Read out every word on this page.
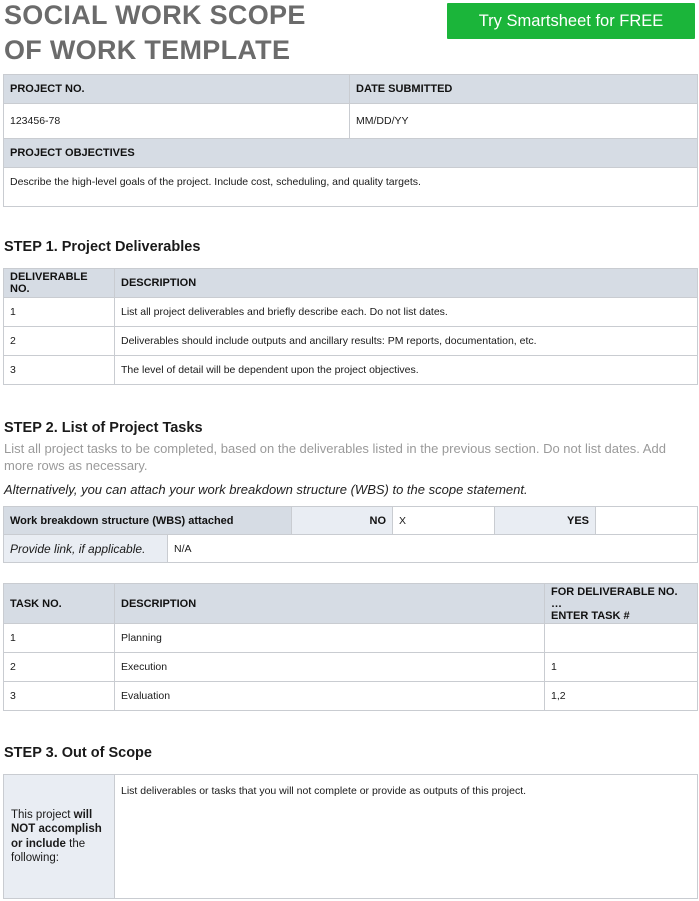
SOCIAL WORK SCOPE
OF WORK TEMPLATE
Try Smartsheet for FREE
PROJECT NO.	DATE SUBMITTED
123456-78	MM/DD/YY
PROJECT OBJECTIVES	
Describe the high-level goals of the project. Include cost, scheduling, and quality targets.	
STEP 1. Project Deliverables
DELIVERABLE NO.	DESCRIPTION
1	List all project deliverables and briefly describe each. Do not list dates.
2	Deliverables should include outputs and ancillary results: PM reports, documentation, etc.
3	The level of detail will be dependent upon the project objectives.
STEP 2. List of Project Tasks
List all project tasks to be completed, based on the deliverables listed in the previous section. Do not list dates. Add more rows as necessary.
Alternatively, you can attach your work breakdown structure (WBS) to the scope statement.
Work breakdown structure (WBS) attached		NO	X	YES	
Provide link, if applicable.	N/A				
TASK NO.	DESCRIPTION	FOR DELIVERABLE NO. …
ENTER TASK #

1	Planning	
2	Execution	1
3	Evaluation	1,2
STEP 3. Out of Scope
This project will NOT accomplish or include the following:	List deliverables or tasks that you will not complete or provide as outputs of this project.
